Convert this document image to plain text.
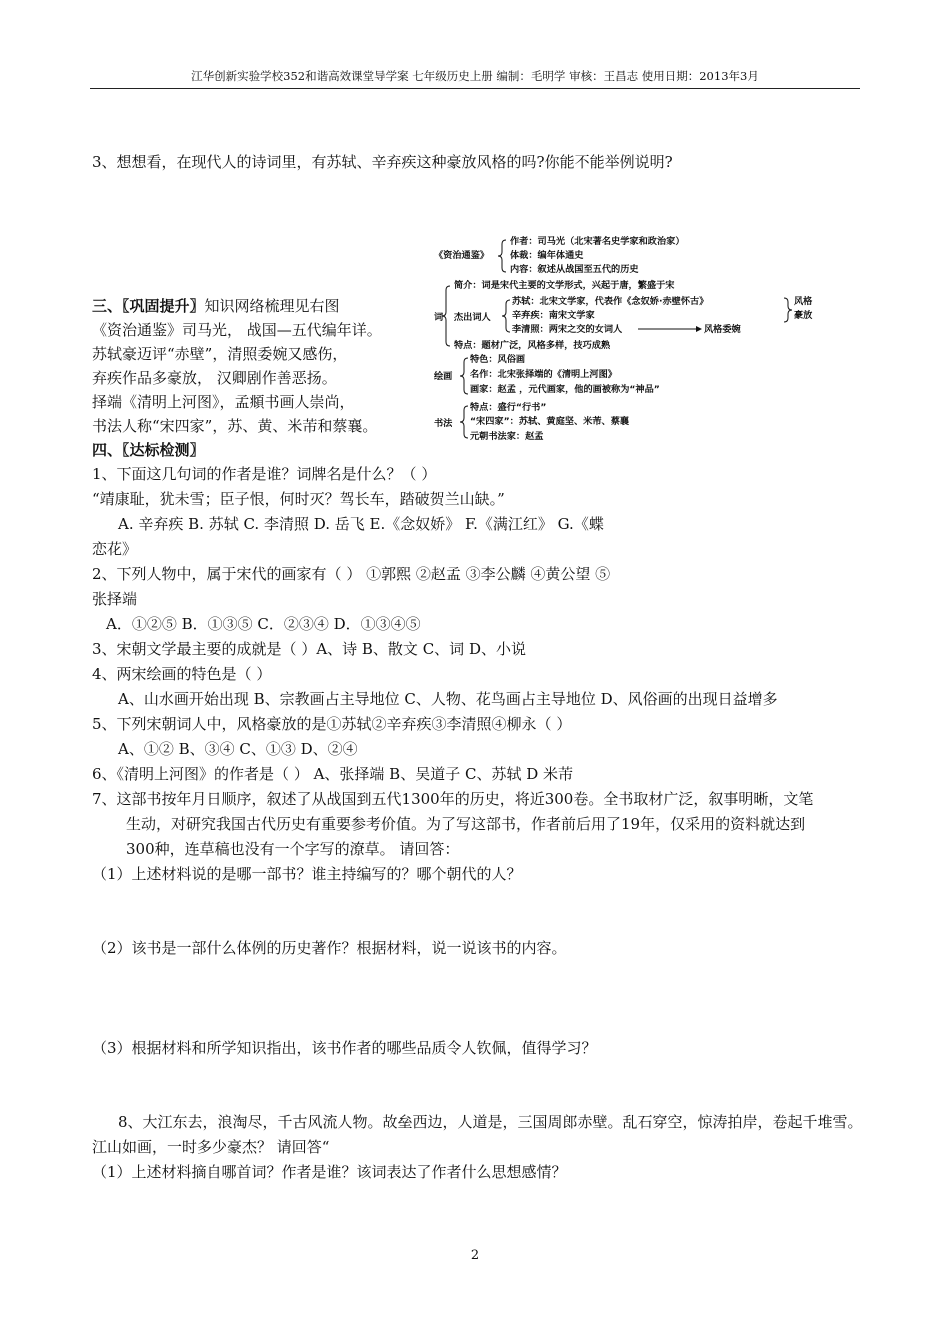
江华创新实验学校352和谐高效课堂导学案 七年级历史上册 编制：毛明学 审核：王昌志 使用日期：2013年3月
3、想想看，在现代人的诗词里，有苏轼、辛弃疾这种豪放风格的吗?你能不能举例说明?
《资治通鉴》
作者：司马光（北宋著名史学家和政治家）
体裁：编年体通史
内容：叙述从战国至五代的历史
词
简介：词是宋代主要的文学形式，兴起于唐，繁盛于宋
杰出词人
苏轼：北宋文学家，代表作《念奴娇·赤壁怀古》
辛弃疾：南宋文学家
李清照：两宋之交的女词人
风格
豪放
风格委婉
特点：题材广泛，风格多样，技巧成熟
绘画
特色：风俗画
名作：北宋张择端的《清明上河图》
画家：赵孟 ，元代画家，他的画被称为“神品”
书法
特点：盛行“行书”
“宋四家”：苏轼、黄庭坚、米芾、蔡襄
元朝书法家：赵孟
三、〖巩固提升〗知识网络梳理见右图
《资治通鉴》司马光， 战国—五代编年详。
苏轼豪迈评“赤壁”，清照委婉又感伤，
弃疾作品多豪放， 汉卿剧作善恶扬。
择端《清明上河图》，孟頫书画人崇尚，
书法人称“宋四家”，苏、黄、米芾和蔡襄。
四、〖达标检测〗
1、下面这几句词的作者是谁？词牌名是什么？（ ）
“靖康耻，犹未雪；臣子恨，何时灭？驾长车，踏破贺兰山缺。”
A. 辛弃疾 B. 苏轼 C. 李清照 D. 岳飞 E.《念奴娇》 F.《满江红》 G.《蝶
恋花》
2、下列人物中，属于宋代的画家有（ ） ①郭熙 ②赵孟 ③李公麟 ④黄公望 ⑤
张择端
A．①②⑤ B．①③⑤ C．②③④ D．①③④⑤
3、宋朝文学最主要的成就是（ ）A、诗 B、散文 C、词 D、小说
4、两宋绘画的特色是（ ）
A、山水画开始出现 B、宗教画占主导地位 C、人物、花鸟画占主导地位 D、风俗画的出现日益增多
5、下列宋朝词人中，风格豪放的是①苏轼②辛弃疾③李清照④柳永（ ）
A、①② B、③④ C、①③ D、②④
6、《清明上河图》的作者是（ ） A、张择端 B、吴道子 C、苏轼 D 米芾
7、这部书按年月日顺序，叙述了从战国到五代1300年的历史，将近300卷。全书取材广泛，叙事明晰，文笔
生动，对研究我国古代历史有重要参考价值。为了写这部书，作者前后用了19年，仅采用的资料就达到
300种，连草稿也没有一个字写的潦草。 请回答：
（1）上述材料说的是哪一部书？谁主持编写的？哪个朝代的人？
（2）该书是一部什么体例的历史著作？根据材料，说一说该书的内容。
（3）根据材料和所学知识指出，该书作者的哪些品质令人钦佩，值得学习？
8、大江东去，浪淘尽，千古风流人物。故垒西边，人道是，三国周郎赤壁。乱石穿空，惊涛拍岸，卷起千堆雪。
江山如画，一时多少豪杰？ 请回答“
（1）上述材料摘自哪首词？作者是谁？该词表达了作者什么思想感情？
2
